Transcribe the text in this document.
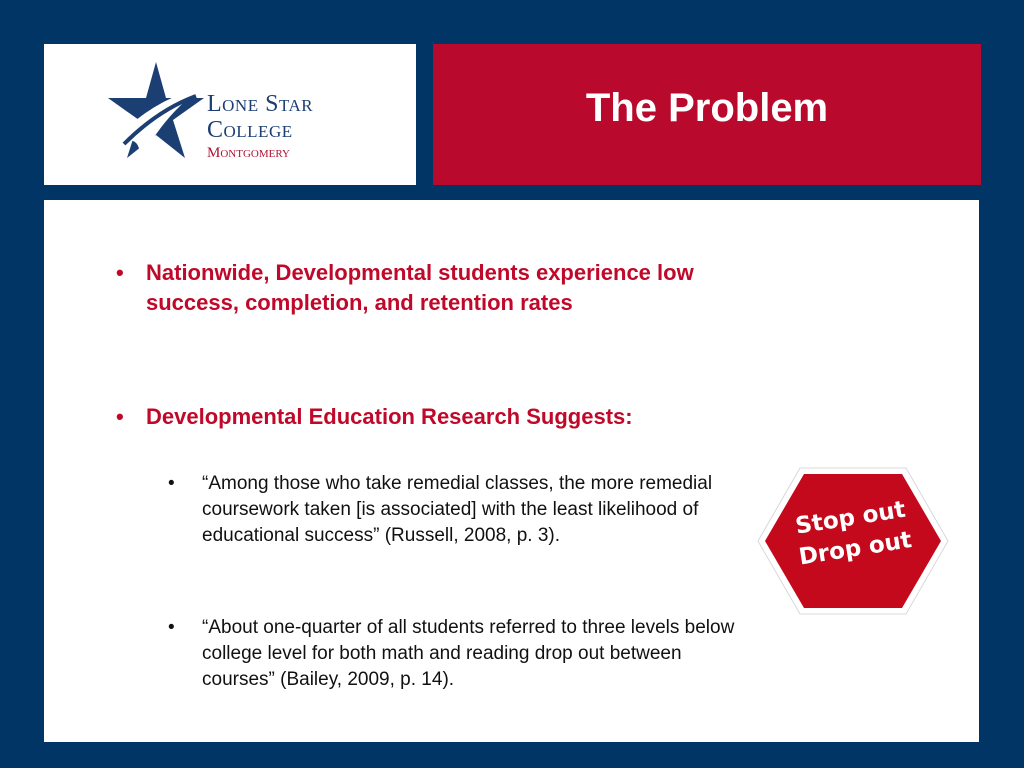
Lone Star
College
Montgomery
The Problem
• Nationwide, Developmental students experience low success, completion, and retention rates
• Developmental Education Research Suggests:
• “Among those who take remedial classes, the more remedial coursework taken [is associated] with the least likelihood of educational success” (Russell, 2008, p. 3).
• “About one-quarter of all students referred to three levels below college level for both math and reading drop out between courses” (Bailey, 2009, p. 14).
Stop out
Drop out
